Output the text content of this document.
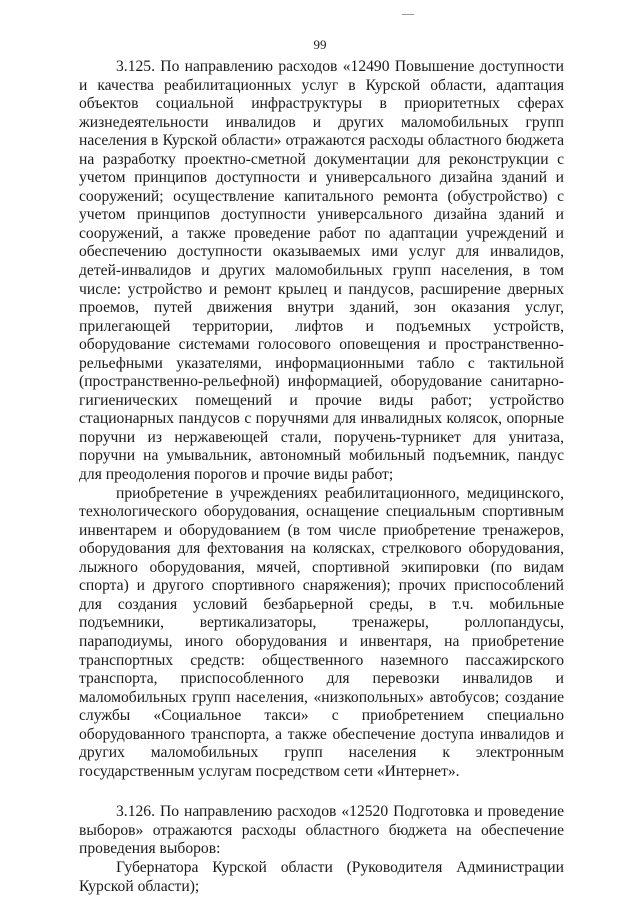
99

3.125. По направлению расходов «12490 Повышение доступности и качества реабилитационных услуг в Курской области, адаптация объектов социальной инфраструктуры в приоритетных сферах жизнедеятельности инвалидов и других маломобильных групп населения в Курской области» отражаются расходы областного бюджета на разработку проектно-сметной документации для реконструкции с учетом принципов доступности и универсального дизайна зданий и сооружений; осуществление капитального ремонта (обустройство) с учетом принципов доступности универсального дизайна зданий и сооружений, а также проведение работ по адаптации учреждений и обеспечению доступности оказываемых ими услуг для инвалидов, детей-инвалидов и других маломобильных групп населения, в том числе: устройство и ремонт крылец и пандусов, расширение дверных проемов, путей движения внутри зданий, зон оказания услуг, прилегающей территории, лифтов и подъемных устройств, оборудование системами голосового оповещения и пространственно-рельефными указателями, информационными табло с тактильной (пространственно-рельефной) информацией, оборудование санитарно-гигиенических помещений и прочие виды работ; устройство стационарных пандусов с поручнями для инвалидных колясок, опорные поручни из нержавеющей стали, поручень-турникет для унитаза, поручни на умывальник, автономный мобильный подъемник, пандус для преодоления порогов и прочие виды работ;

приобретение в учреждениях реабилитационного, медицинского, технологического оборудования, оснащение специальным спортивным инвентарем и оборудованием (в том числе приобретение тренажеров, оборудования для фехтования на колясках, стрелкового оборудования, лыжного оборудования, мячей, спортивной экипировки (по видам спорта) и другого спортивного снаряжения); прочих приспособлений для создания условий безбарьерной среды, в т.ч. мобильные подъемники, вертикализаторы, тренажеры, роллопандусы, параподиумы, иного оборудования и инвентаря, на приобретение транспортных средств: общественного наземного пассажирского транспорта, приспособленного для перевозки инвалидов и маломобильных групп населения, «низкопольных» автобусов; создание службы «Социальное такси» с приобретением специально оборудованного транспорта, а также обеспечение доступа инвалидов и других маломобильных групп населения к электронным государственным услугам посредством сети «Интернет».

3.126. По направлению расходов «12520 Подготовка и проведение выборов» отражаются расходы областного бюджета на обеспечение проведения выборов:

Губернатора Курской области (Руководителя Администрации Курской области);
